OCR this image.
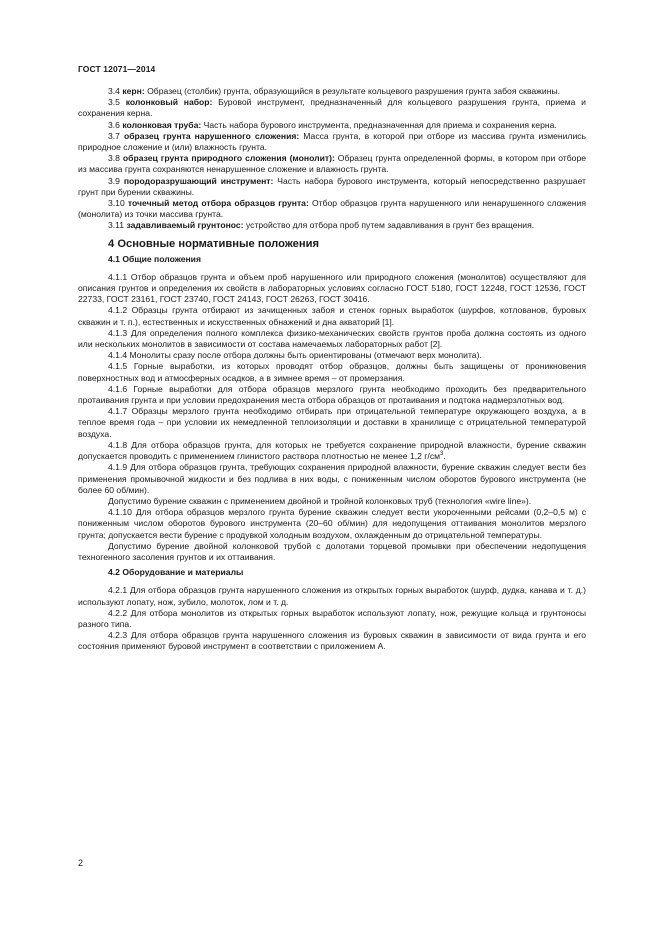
ГОСТ 12071—2014

3.4 керн: Образец (столбик) грунта, образующийся в результате кольцевого разрушения грунта забоя скважины.

3.5 колонковый набор: Буровой инструмент, предназначенный для кольцевого разрушения грунта, приема и сохранения керна.

3.6 колонковая труба: Часть набора бурового инструмента, предназначенная для приема и сохранения керна.

3.7 образец грунта нарушенного сложения: Масса грунта, в которой при отборе из массива грунта изменились природное сложение и (или) влажность грунта.

3.8 образец грунта природного сложения (монолит): Образец грунта определенной формы, в котором при отборе из массива грунта сохраняются ненарушенное сложение и влажность грунта.

3.9 породоразрушающий инструмент: Часть набора бурового инструмента, который непосредственно разрушает грунт при бурении скважины.

3.10 точечный метод отбора образцов грунта: Отбор образцов грунта нарушенного или ненарушенного сложения (монолита) из точки массива грунта.

3.11 задавливаемый грунтонос: устройство для отбора проб путем задавливания в грунт без вращения.

4 Основные нормативные положения
4.1 Общие положения

4.1.1 Отбор образцов грунта и объем проб нарушенного или природного сложения (монолитов) осуществляют для описания грунтов и определения их свойств в лабораторных условиях согласно ГОСТ 5180, ГОСТ 12248, ГОСТ 12536, ГОСТ 22733, ГОСТ 23161, ГОСТ 23740, ГОСТ 24143, ГОСТ 26263, ГОСТ 30416.

4.1.2 Образцы грунта отбирают из зачищенных забоя и стенок горных выработок (шурфов, котлованов, буровых скважин и т. п.), естественных и искусственных обнажений и дна акваторий [1].

4.1.3 Для определения полного комплекса физико-механических свойств грунтов проба должна состоять из одного или нескольких монолитов в зависимости от состава намечаемых лабораторных работ [2].

4.1.4 Монолиты сразу после отбора должны быть ориентированы (отмечают верх монолита).

4.1.5 Горные выработки, из которых проводят отбор образцов, должны быть защищены от проникновения поверхностных вод и атмосферных осадков, а в зимнее время – от промерзания.

4.1.6 Горные выработки для отбора образцов мерзлого грунта необходимо проходить без предварительного протаивания грунта и при условии предохранения места отбора образцов от протаивания и подтока надмерзлотных вод.

4.1.7 Образцы мерзлого грунта необходимо отбирать при отрицательной температуре окружающего воздуха, а в теплое время года – при условии их немедленной теплоизоляции и доставки в хранилище с отрицательной температурой воздуха.

4.1.8 Для отбора образцов грунта, для которых не требуется сохранение природной влажности, бурение скважин допускается проводить с применением глинистого раствора плотностью не менее 1,2 $г/см^3$.

4.1.9 Для отбора образцов грунта, требующих сохранения природной влажности, бурение скважин следует вести без применения промывочной жидкости и без подлива в них воды, с пониженным числом оборотов бурового инструмента (не более 60 об/мин).

Допустимо бурение скважин с применением двойной и тройной колонковых труб (технология «wire line»).

4.1.10 Для отбора образцов мерзлого грунта бурение скважин следует вести укороченными рейсами (0,2–0,5 м) с пониженным числом оборотов бурового инструмента (20–60 об/мин) для недопущения оттаивания монолитов мерзлого грунта; допускается вести бурение с продувкой холодным воздухом, охлажденным до отрицательной температуры.

Допустимо бурение двойной колонковой трубой с долотами торцевой промывки при обеспечении недопущения техногенного засоления грунтов и их оттаивания.

4.2 Оборудование и материалы

4.2.1 Для отбора образцов грунта нарушенного сложения из открытых горных выработок (шурф, дудка, канава и т. д.) используют лопату, нож, зубило, молоток, лом и т. д.

4.2.2 Для отбора монолитов из открытых горных выработок используют лопату, нож, режущие кольца и грунтоносы разного типа.

4.2.3 Для отбора образцов грунта нарушенного сложения из буровых скважин в зависимости от вида грунта и его состояния применяют буровой инструмент в соответствии с приложением А.

2
